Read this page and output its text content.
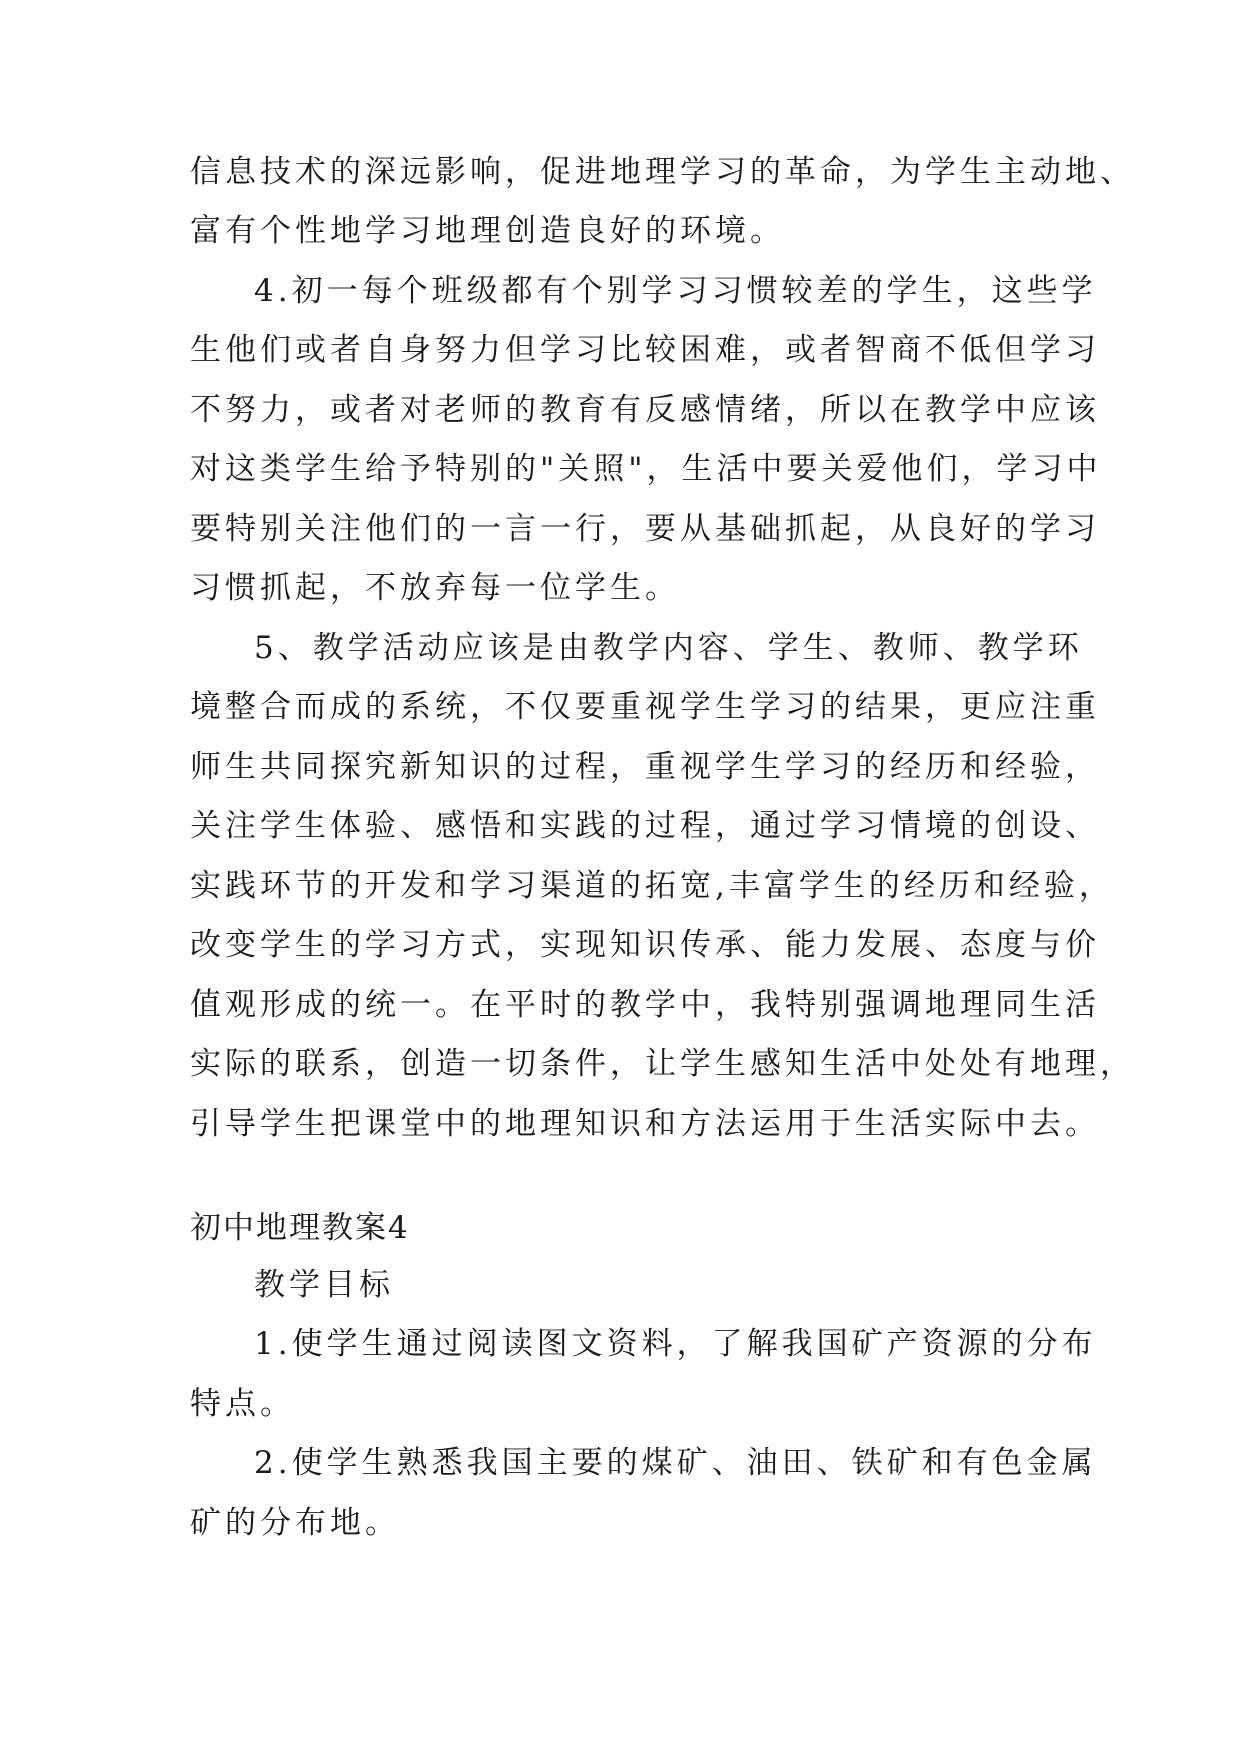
信息技术的深远影响，促进地理学习的革命，为学生主动地、
富有个性地学习地理创造良好的环境。
4.初一每个班级都有个别学习习惯较差的学生，这些学
生他们或者自身努力但学习比较困难，或者智商不低但学习
不努力，或者对老师的教育有反感情绪，所以在教学中应该
对这类学生给予特别的"关照"，生活中要关爱他们，学习中
要特别关注他们的一言一行，要从基础抓起，从良好的学习
习惯抓起，不放弃每一位学生。
5、教学活动应该是由教学内容、学生、教师、教学环
境整合而成的系统，不仅要重视学生学习的结果，更应注重
师生共同探究新知识的过程，重视学生学习的经历和经验，
关注学生体验、感悟和实践的过程，通过学习情境的创设、
实践环节的开发和学习渠道的拓宽,丰富学生的经历和经验，
改变学生的学习方式，实现知识传承、能力发展、态度与价
值观形成的统一。在平时的教学中，我特别强调地理同生活
实际的联系，创造一切条件，让学生感知生活中处处有地理，
引导学生把课堂中的地理知识和方法运用于生活实际中去。
初中地理教案4
教学目标
1.使学生通过阅读图文资料，了解我国矿产资源的分布
特点。
2.使学生熟悉我国主要的煤矿、油田、铁矿和有色金属
矿的分布地。
